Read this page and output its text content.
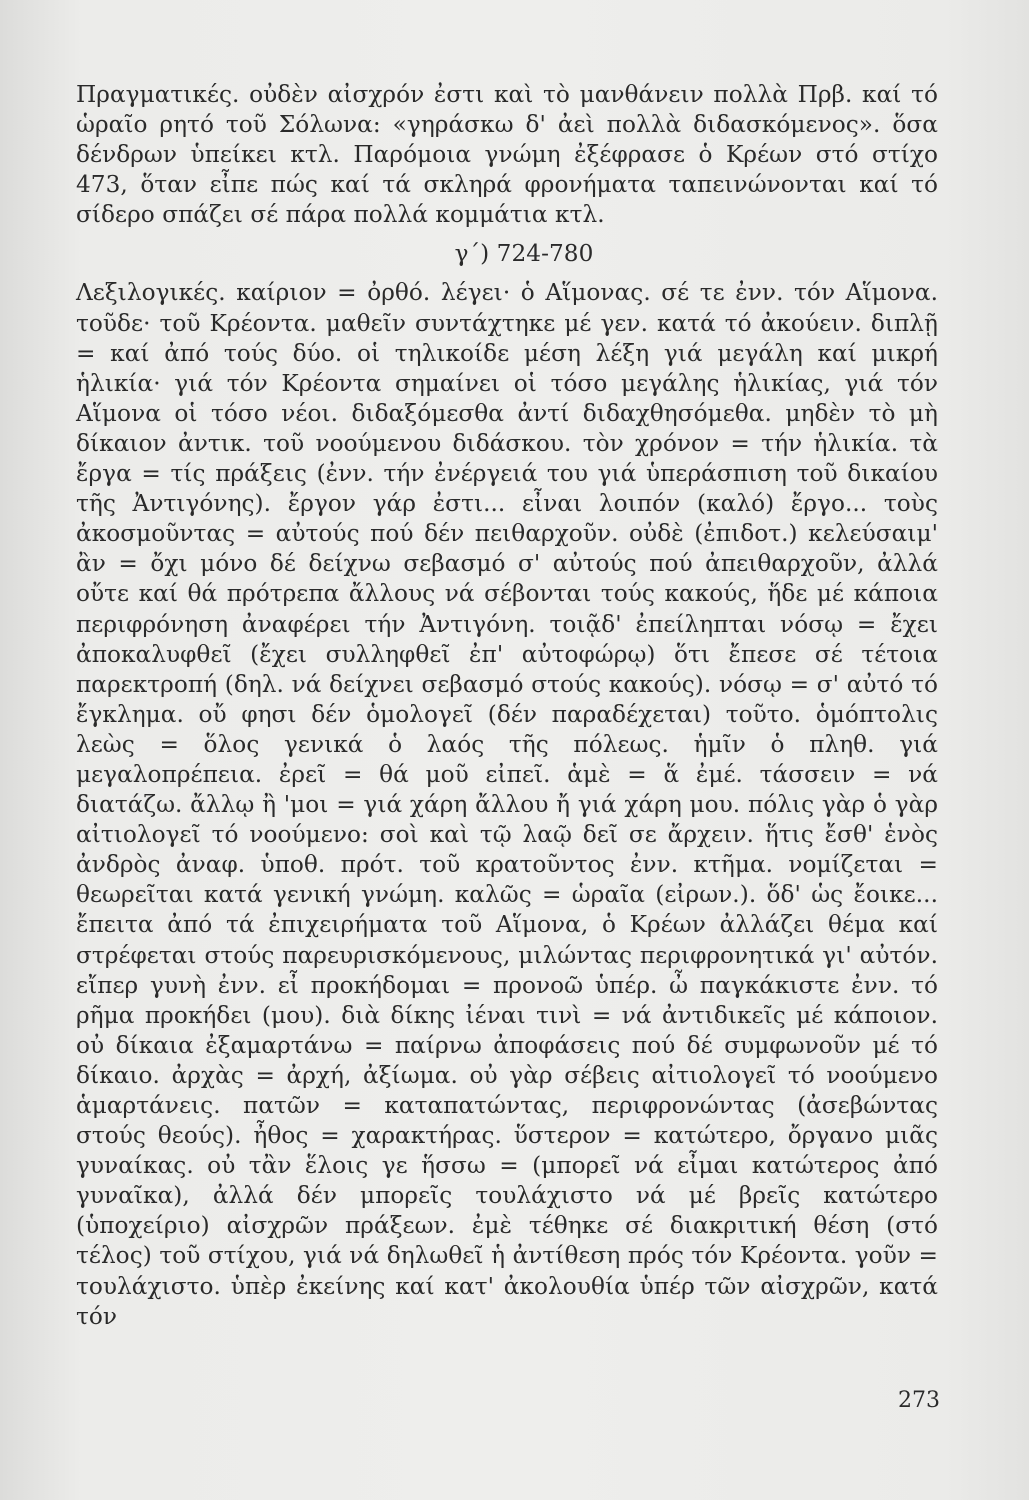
Πραγματικές. οὐδὲν αἰσχρόν ἐστι καὶ τὸ μανθάνειν πολλὰ Πρβ. καί τό ὡραῖο ρητό τοῦ Σόλωνα: «γηράσκω δ' ἀεὶ πολλὰ διδασκόμενος». ὅσα δένδρων ὑπείκει κτλ. Παρόμοια γνώμη ἐξέφρασε ὁ Κρέων στό στίχο 473, ὅταν εἶπε πώς καί τά σκληρά φρονήματα ταπεινώνονται καί τό σίδερο σπάζει σέ πάρα πολλά κομμάτια κτλ.

γ΄) 724-780

Λεξιλογικές. καίριον = ὀρθό. λέγει· ὁ Αἵμονας. σέ τε ἐνν. τόν Αἵμονα. τοῦδε· τοῦ Κρέοντα. μαθεῖν συντάχτηκε μέ γεν. κατά τό ἀκούειν. διπλῇ = καί ἀπό τούς δύο. οἱ τηλικοίδε μέση λέξη γιά μεγάλη καί μικρή ἡλικία· γιά τόν Κρέοντα σημαίνει οἱ τόσο μεγάλης ἡλικίας, γιά τόν Αἵμονα οἱ τόσο νέοι. διδαξόμεσθα ἀντί διδαχθησόμεθα. μηδὲν τὸ μὴ δίκαιον ἀντικ. τοῦ νοούμενου διδάσκου. τὸν χρόνον = τήν ἡλικία. τὰ ἔργα = τίς πράξεις (ἐνν. τήν ἐνέργειά του γιά ὑπεράσπιση τοῦ δικαίου τῆς Ἀντιγόνης). ἔργον γάρ ἐστι... εἶναι λοιπόν (καλό) ἔργο... τοὺς ἀκοσμοῦντας = αὐτούς πού δέν πειθαρχοῦν. οὐδὲ (ἐπιδοτ.) κελεύσαιμ' ἂν = ὄχι μόνο δέ δείχνω σεβασμό σ' αὐτούς πού ἀπειθαρχοῦν, ἀλλά οὔτε καί θά πρότρεπα ἄλλους νά σέβονται τούς κακούς, ἥδε μέ κάποια περιφρόνηση ἀναφέρει τήν Ἀντιγόνη. τοιᾷδ' ἐπείληπται νόσῳ = ἔχει ἀποκαλυφθεῖ (ἔχει συλληφθεῖ ἐπ' αὐτοφώρῳ) ὅτι ἔπεσε σέ τέτοια παρεκτροπή (δηλ. νά δείχνει σεβασμό στούς κακούς). νόσῳ = σ' αὐτό τό ἔγκλημα. οὔ φησι δέν ὁμολογεῖ (δέν παραδέχεται) τοῦτο. ὁμόπτολις λεὼς = ὅλος γενικά ὁ λαός τῆς πόλεως. ἡμῖν ὁ πληθ. γιά μεγαλοπρέπεια. ἐρεῖ = θά μοῦ εἰπεῖ. ἁμὲ = ἅ ἐμέ. τάσσειν = νά διατάζω. ἄλλῳ ἢ 'μοι = γιά χάρη ἄλλου ἤ γιά χάρη μου. πόλις γὰρ ὁ γὰρ αἰτιολογεῖ τό νοούμενο: σοὶ καὶ τῷ λαῷ δεῖ σε ἄρχειν. ἥτις ἔσθ' ἑνὸς ἀνδρὸς ἀναφ. ὑποθ. πρότ. τοῦ κρατοῦντος ἐνν. κτῆμα. νομίζεται = θεωρεῖται κατά γενική γνώμη. καλῶς = ὡραῖα (εἰρων.). ὅδ' ὡς ἔοικε... ἔπειτα ἀπό τά ἐπιχειρήματα τοῦ Αἵμονα, ὁ Κρέων ἀλλάζει θέμα καί στρέφεται στούς παρευρισκόμενους, μιλώντας περιφρονητικά γι' αὐτόν. εἴπερ γυνὴ ἐνν. εἶ προκήδομαι = προνοῶ ὑπέρ. ὦ παγκάκιστε ἐνν. τό ρῆμα προκήδει (μου). διὰ δίκης ἰέναι τινὶ = νά ἀντιδικεῖς μέ κάποιον. οὐ δίκαια ἐξαμαρτάνω = παίρνω ἀποφάσεις πού δέ συμφωνοῦν μέ τό δίκαιο. ἀρχὰς = ἀρχή, ἀξίωμα. οὐ γὰρ σέβεις αἰτιολογεῖ τό νοούμενο ἁμαρτάνεις. πατῶν = καταπατώντας, περιφρονώντας (ἀσεβώντας στούς θεούς). ἦθος = χαρακτήρας. ὕστερον = κατώτερο, ὄργανο μιᾶς γυναίκας. οὐ τἂν ἕλοις γε ἥσσω = (μπορεῖ νά εἶμαι κατώτερος ἀπό γυναῖκα), ἀλλά δέν μπορεῖς τουλάχιστο νά μέ βρεῖς κατώτερο (ὑποχείριο) αἰσχρῶν πράξεων. ἐμὲ τέθηκε σέ διακριτική θέση (στό τέλος) τοῦ στίχου, γιά νά δηλωθεῖ ἡ ἀντίθεση πρός τόν Κρέοντα. γοῦν = τουλάχιστο. ὑπὲρ ἐκείνης καί κατ' ἀκολουθία ὑπέρ τῶν αἰσχρῶν, κατά τόν

273
